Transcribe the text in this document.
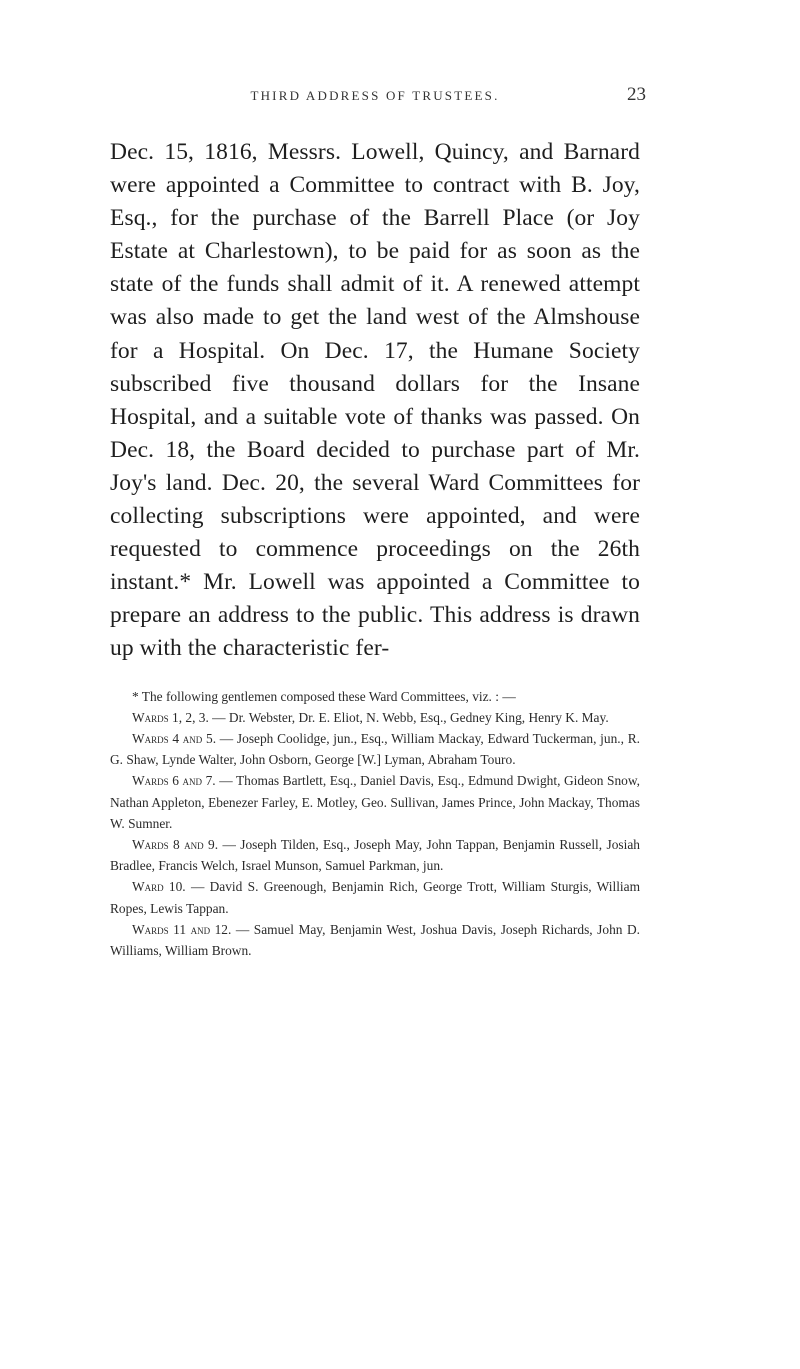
THIRD ADDRESS OF TRUSTEES.	23

Dec. 15, 1816, Messrs. Lowell, Quincy, and Barnard were appointed a Committee to contract with B. Joy, Esq., for the purchase of the Barrell Place (or Joy Estate at Charlestown), to be paid for as soon as the state of the funds shall admit of it. A renewed attempt was also made to get the land west of the Almshouse for a Hospital. On Dec. 17, the Humane Society subscribed five thousand dollars for the Insane Hospital, and a suitable vote of thanks was passed. On Dec. 18, the Board decided to purchase part of Mr. Joy's land. Dec. 20, the several Ward Committees for collecting subscriptions were appointed, and were requested to commence proceedings on the 26th instant.* Mr. Lowell was appointed a Committee to prepare an address to the public. This address is drawn up with the characteristic fer-

* The following gentlemen composed these Ward Committees, viz. : —

Wards 1, 2, 3. — Dr. Webster, Dr. E. Eliot, N. Webb, Esq., Gedney King, Henry K. May.

Wards 4 and 5. — Joseph Coolidge, jun., Esq., William Mackay, Edward Tuckerman, jun., R. G. Shaw, Lynde Walter, John Osborn, George [W.] Lyman, Abraham Touro.

Wards 6 and 7. — Thomas Bartlett, Esq., Daniel Davis, Esq., Edmund Dwight, Gideon Snow, Nathan Appleton, Ebenezer Farley, E. Motley, Geo. Sullivan, James Prince, John Mackay, Thomas W. Sumner.

Wards 8 and 9. — Joseph Tilden, Esq., Joseph May, John Tappan, Benjamin Russell, Josiah Bradlee, Francis Welch, Israel Munson, Samuel Parkman, jun.

Ward 10. — David S. Greenough, Benjamin Rich, George Trott, William Sturgis, William Ropes, Lewis Tappan.

Wards 11 and 12. — Samuel May, Benjamin West, Joshua Davis, Joseph Richards, John D. Williams, William Brown.
